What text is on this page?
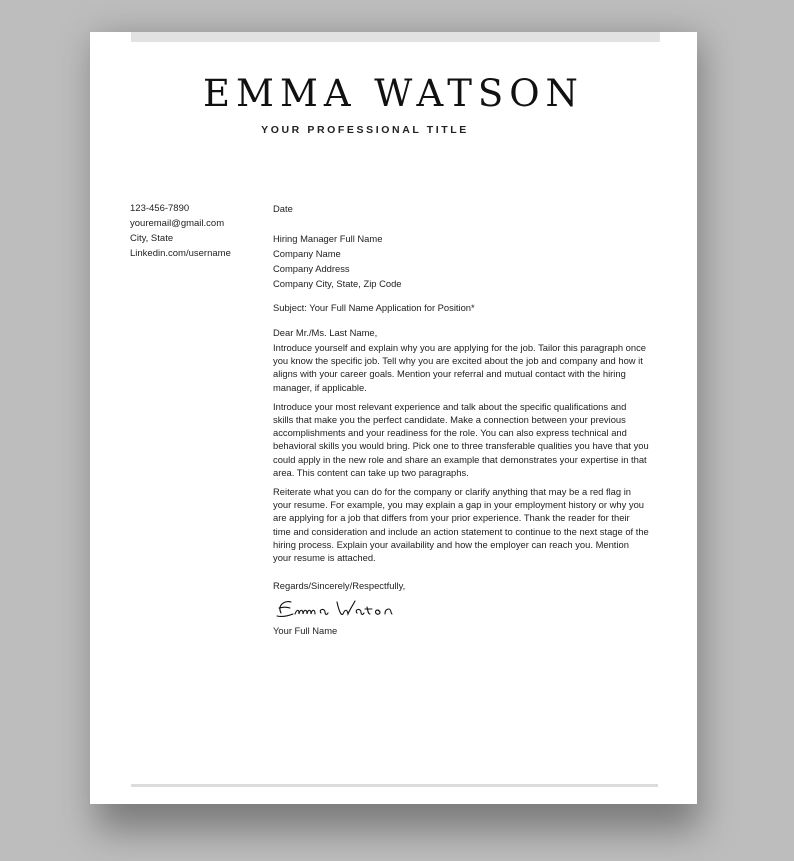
EMMA WATSON
YOUR PROFESSIONAL TITLE
123-456-7890
youremail@gmail.com
City, State
Linkedin.com/username
Date
Hiring Manager Full Name
Company Name
Company Address
Company City, State, Zip Code
Subject: Your Full Name Application for Position*
Dear Mr./Ms. Last Name,
Introduce yourself and explain why you are applying for the job. Tailor this paragraph once you know the specific job. Tell why you are excited about the job and company and how it aligns with your career goals. Mention your referral and mutual contact with the hiring manager, if applicable.
Introduce your most relevant experience and talk about the specific qualifications and skills that make you the perfect candidate. Make a connection between your previous accomplishments and your readiness for the role. You can also express technical and behavioral skills you would bring. Pick one to three transferable qualities you have that you could apply in the new role and share an example that demonstrates your expertise in that area. This content can take up two paragraphs.
Reiterate what you can do for the company or clarify anything that may be a red flag in your resume. For example, you may explain a gap in your employment history or why you are applying for a job that differs from your prior experience. Thank the reader for their time and consideration and include an action statement to continue to the next stage of the hiring process. Explain your availability and how the employer can reach you. Mention your resume is attached.
Regards/Sincerely/Respectfully,
Your Full Name
